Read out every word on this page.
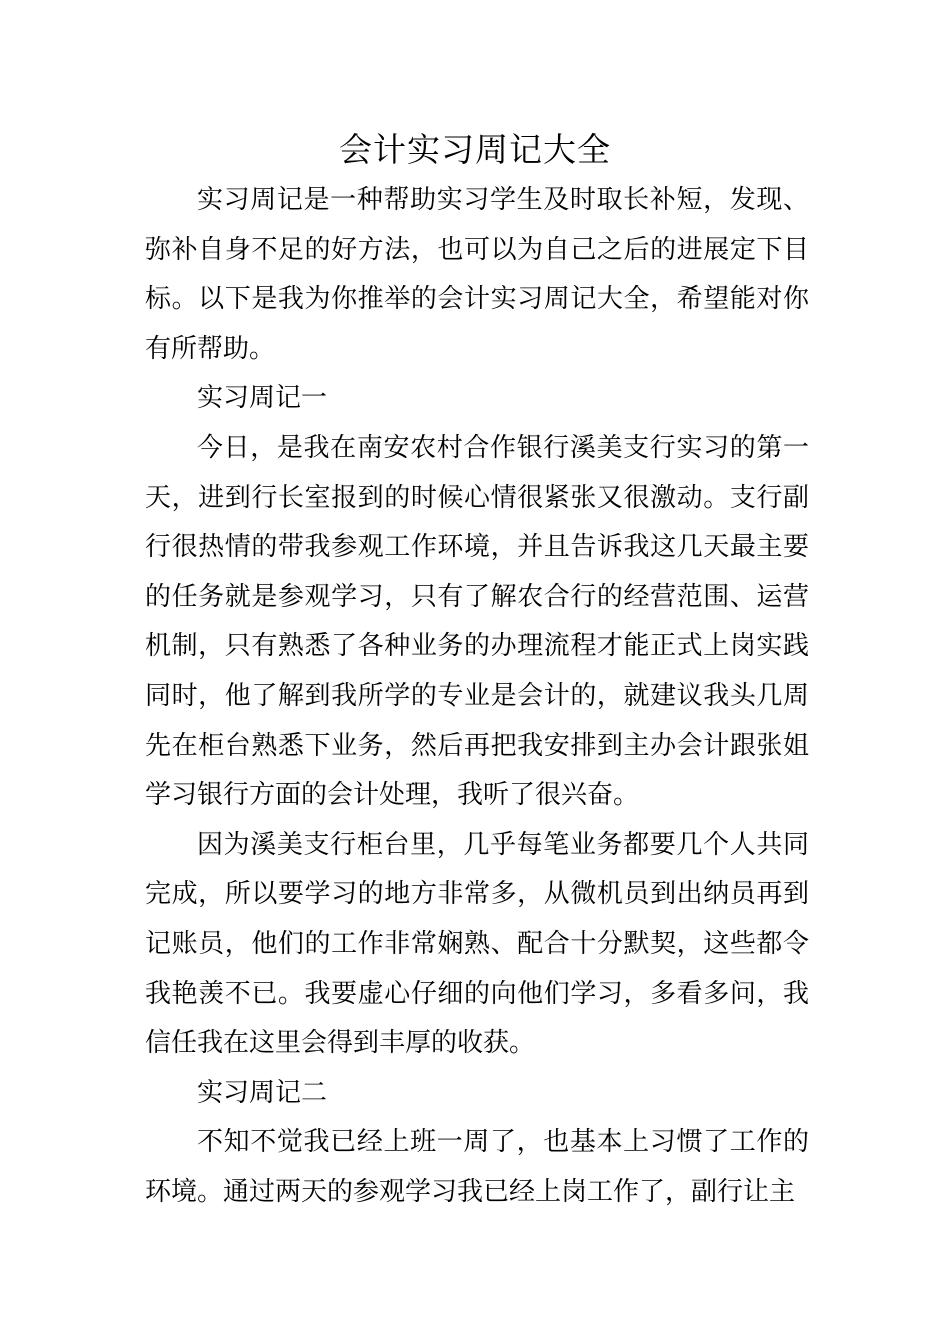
会计实习周记大全

实习周记是一种帮助实习学生及时取长补短，发现、弥补自身不足的好方法，也可以为自己之后的进展定下目标。以下是我为你推举的会计实习周记大全，希望能对你有所帮助。

实习周记一

今日，是我在南安农村合作银行溪美支行实习的第一天，进到行长室报到的时候心情很紧张又很激动。支行副行很热情的带我参观工作环境，并且告诉我这几天最主要的任务就是参观学习，只有了解农合行的经营范围、运营机制，只有熟悉了各种业务的办理流程才能正式上岗实践同时，他了解到我所学的专业是会计的，就建议我头几周先在柜台熟悉下业务，然后再把我安排到主办会计跟张姐学习银行方面的会计处理，我听了很兴奋。

因为溪美支行柜台里，几乎每笔业务都要几个人共同完成，所以要学习的地方非常多，从微机员到出纳员再到记账员，他们的工作非常娴熟、配合十分默契，这些都令我艳羡不已。我要虚心仔细的向他们学习，多看多问，我信任我在这里会得到丰厚的收获。

实习周记二

不知不觉我已经上班一周了，也基本上习惯了工作的环境。通过两天的参观学习我已经上岗工作了，副行让主
